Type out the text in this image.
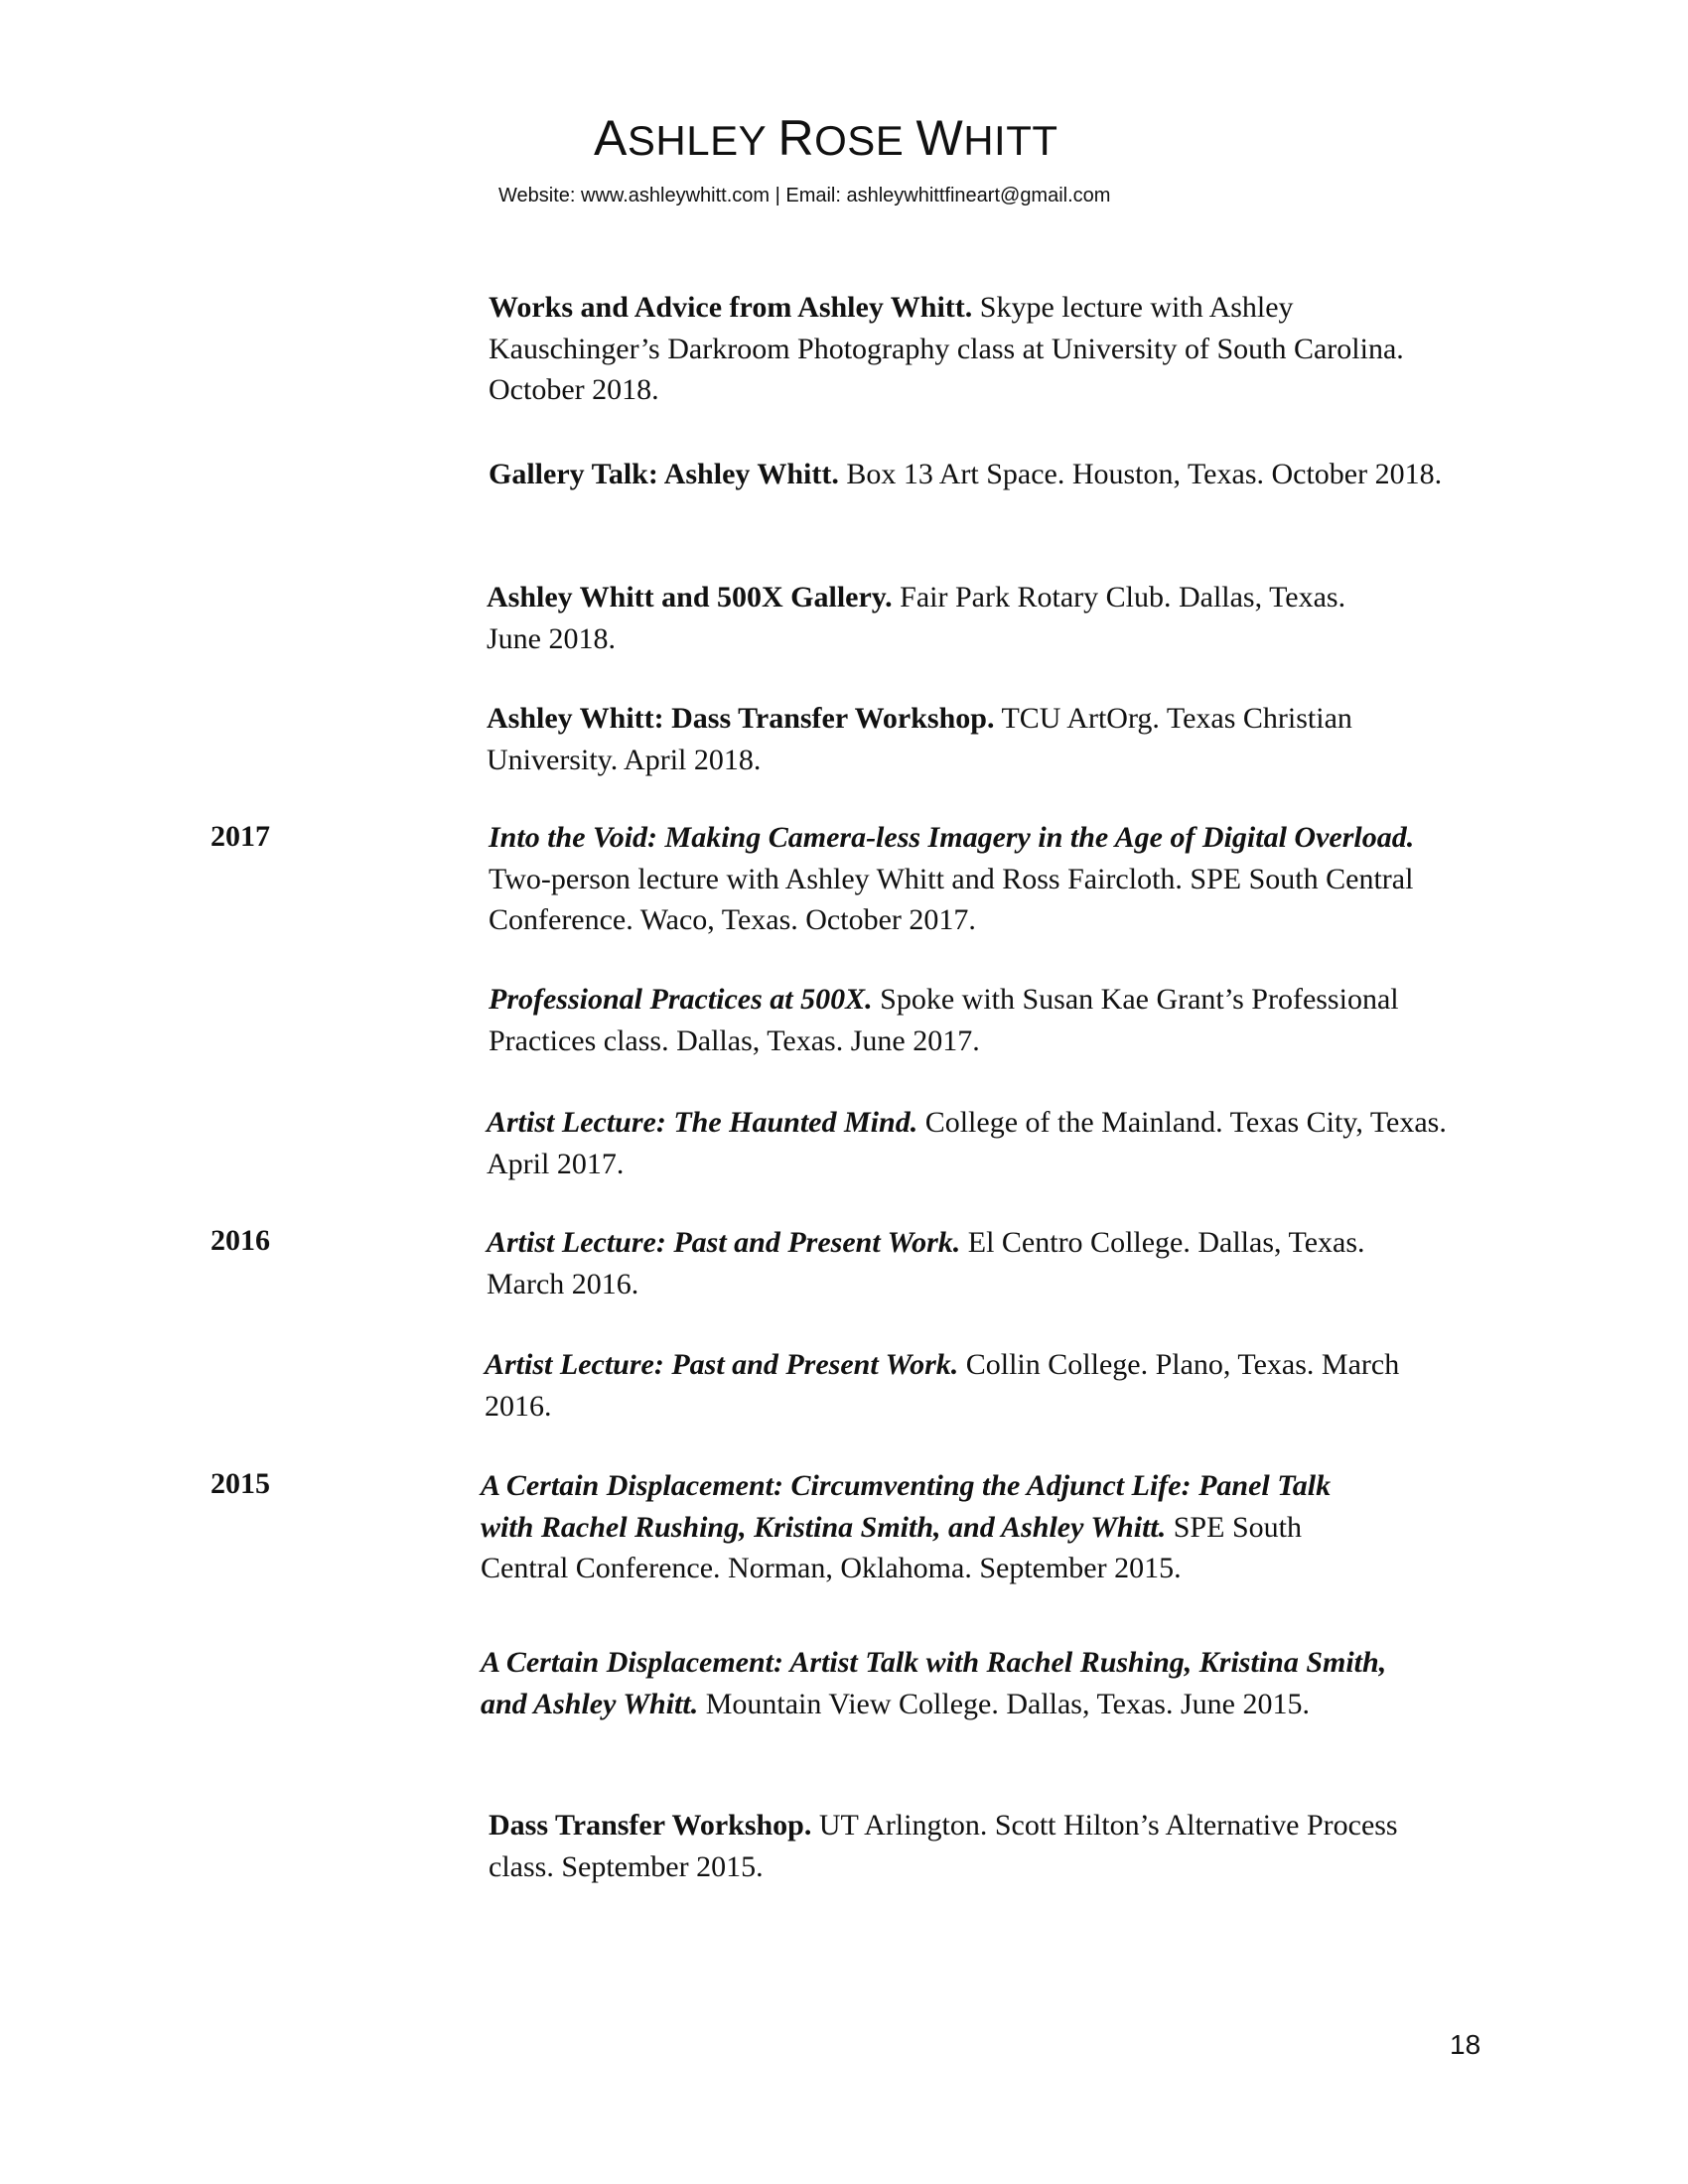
ASHLEY ROSE WHITT
Website: www.ashleywhitt.com | Email: ashleywhittfineart@gmail.com
2017
2016
2015
Works and Advice from Ashley Whitt. Skype lecture with Ashley Kauschinger’s Darkroom Photography class at University of South Carolina. October 2018.
Gallery Talk: Ashley Whitt. Box 13 Art Space. Houston, Texas. October 2018.
Ashley Whitt and 500X Gallery. Fair Park Rotary Club. Dallas, Texas. June 2018.
Ashley Whitt: Dass Transfer Workshop. TCU ArtOrg. Texas Christian University. April 2018.
Into the Void: Making Camera-less Imagery in the Age of Digital Overload. Two-person lecture with Ashley Whitt and Ross Faircloth. SPE South Central Conference. Waco, Texas. October 2017.
Professional Practices at 500X. Spoke with Susan Kae Grant’s Professional Practices class. Dallas, Texas. June 2017.
Artist Lecture: The Haunted Mind. College of the Mainland. Texas City, Texas. April 2017.
Artist Lecture: Past and Present Work. El Centro College. Dallas, Texas. March 2016.
Artist Lecture: Past and Present Work. Collin College. Plano, Texas. March 2016.
A Certain Displacement: Circumventing the Adjunct Life: Panel Talk with Rachel Rushing, Kristina Smith, and Ashley Whitt. SPE South Central Conference. Norman, Oklahoma. September 2015.
A Certain Displacement: Artist Talk with Rachel Rushing, Kristina Smith, and Ashley Whitt. Mountain View College. Dallas, Texas. June 2015.
Dass Transfer Workshop. UT Arlington. Scott Hilton’s Alternative Process class. September 2015.
18
